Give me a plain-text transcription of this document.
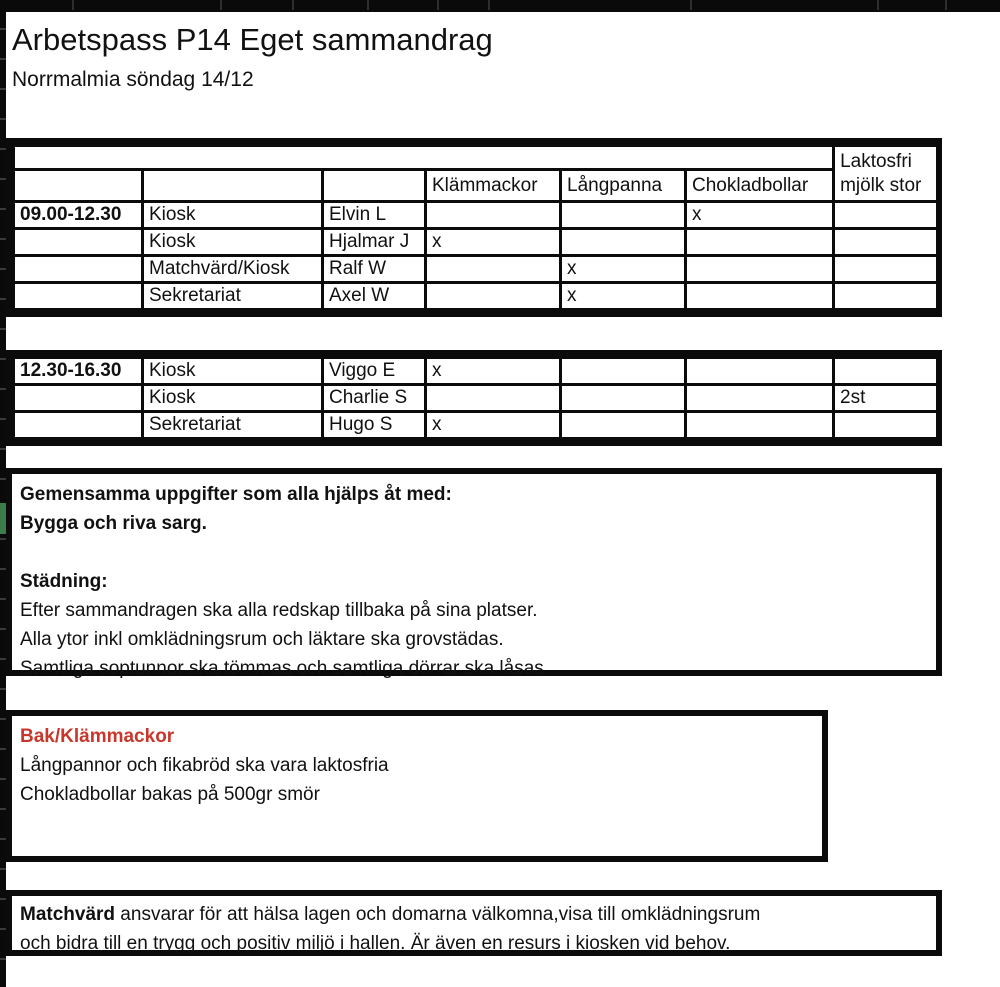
Arbetspass P14 Eget sammandrag
Norrmalmia söndag 14/12

						Laktosfri
mjölk stor

			Klämmackor	Långpanna	Chokladbollar	
09.00-12.30	Kiosk	Elvin L			x	
	Kiosk	Hjalmar J	x			
	Matchvärd/Kiosk	Ralf W		x		
	Sekretariat	Axel W		x		
12.30-16.30	Kiosk	Viggo E	x			
	Kiosk	Charlie S				2st
	Sekretariat	Hugo S	x			
Gemensamma uppgifter som alla hjälps åt med:
Bygga och riva sarg.
Städning:
Efter sammandragen ska alla redskap tillbaka på sina platser.
Alla ytor inkl omklädningsrum och läktare ska grovstädas.
Samtliga soptunnor ska tömmas och samtliga dörrar ska låsas.
Bak/Klämmackor
Långpannor och fikabröd ska vara laktosfria
Chokladbollar bakas på 500gr smör
Matchvärd ansvarar för att hälsa lagen och domarna välkomna,visa till omklädningsrum
och bidra till en trygg och positiv miljö i hallen. Är även en resurs i kiosken vid behov.
